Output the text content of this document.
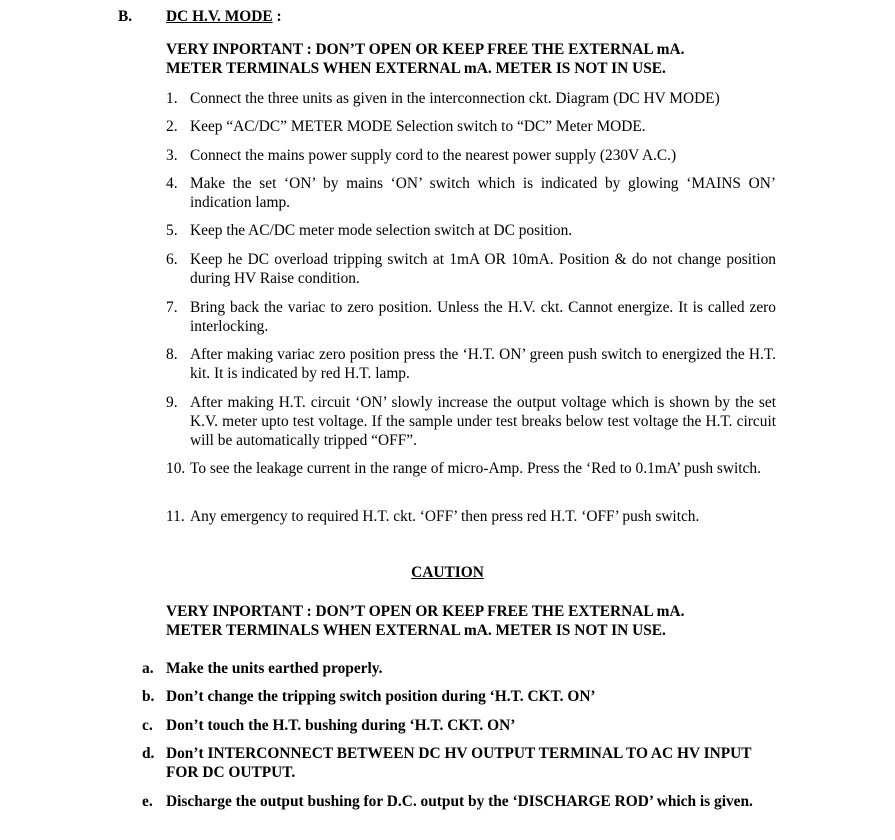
B. DC H.V. MODE :
VERY INPORTANT : DON’T OPEN OR KEEP FREE THE EXTERNAL mA.
METER TERMINALS WHEN EXTERNAL mA. METER IS NOT IN USE.
1. Connect the three units as given in the interconnection ckt. Diagram (DC HV MODE)
2. Keep “AC/DC” METER MODE Selection switch to “DC” Meter MODE.
3. Connect the mains power supply cord to the nearest power supply (230V A.C.)
4. Make the set ‘ON’ by mains ‘ON’ switch which is indicated by glowing ‘MAINS ON’ indication lamp.
5. Keep the AC/DC meter mode selection switch at DC position.
6. Keep he DC overload tripping switch at 1mA OR 10mA. Position & do not change position during HV Raise condition.
7. Bring back the variac to zero position. Unless the H.V. ckt. Cannot energize. It is called zero interlocking.
8. After making variac zero position press the ‘H.T. ON’ green push switch to energized the H.T. kit. It is indicated by red H.T. lamp.
9. After making H.T. circuit ‘ON’ slowly increase the output voltage which is shown by the set K.V. meter upto test voltage. If the sample under test breaks below test voltage the H.T. circuit will be automatically tripped “OFF”.
10. To see the leakage current in the range of micro-Amp. Press the ‘Red to 0.1mA’ push switch.
11. Any emergency to required H.T. ckt. ‘OFF’ then press red H.T. ‘OFF’ push switch.
CAUTION
VERY INPORTANT : DON’T OPEN OR KEEP FREE THE EXTERNAL mA.
METER TERMINALS WHEN EXTERNAL mA. METER IS NOT IN USE.
a. Make the units earthed properly.
b. Don’t change the tripping switch position during ‘H.T. CKT. ON’
c. Don’t touch the H.T. bushing during ‘H.T. CKT. ON’
d. Don’t INTERCONNECT BETWEEN DC HV OUTPUT TERMINAL TO AC HV INPUT FOR DC OUTPUT.
e. Discharge the output bushing for D.C. output by the ‘DISCHARGE ROD’ which is given.
